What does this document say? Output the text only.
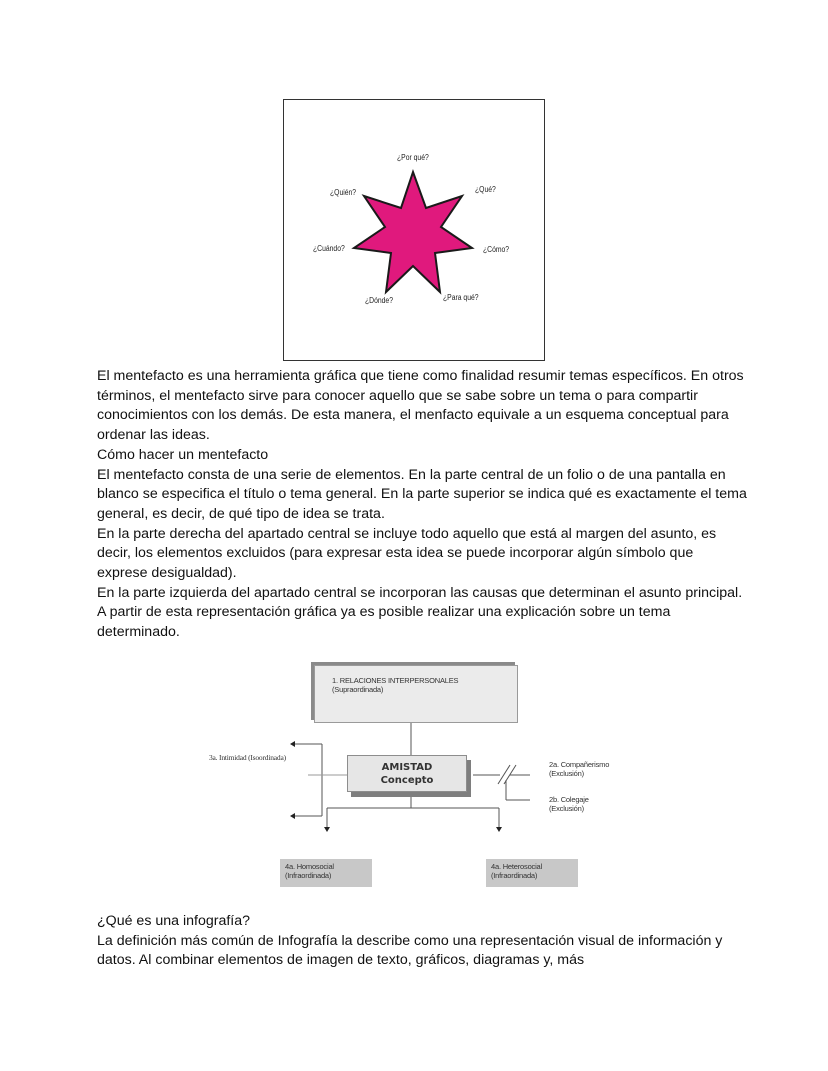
¿Por qué?
¿Qué?
¿Cómo?
¿Para qué?
¿Dónde?
¿Cuándo?
¿Quién?

El mentefacto es una herramienta gráfica que tiene como finalidad resumir temas específicos. En otros términos, el mentefacto sirve para conocer aquello que se sabe sobre un tema o para compartir conocimientos con los demás. De esta manera, el menfacto equivale a un esquema conceptual para ordenar las ideas.

Cómo hacer un mentefacto

El mentefacto consta de una serie de elementos. En la parte central de un folio o de una pantalla en blanco se especifica el título o tema general. En la parte superior se indica qué es exactamente el tema general, es decir, de qué tipo de idea se trata.

En la parte derecha del apartado central se incluye todo aquello que está al margen del asunto, es decir, los elementos excluidos (para expresar esta idea se puede incorporar algún símbolo que exprese desigualdad).

En la parte izquierda del apartado central se incorporan las causas que determinan el asunto principal. A partir de esta representación gráfica ya es posible realizar una explicación sobre un tema determinado.

1. RELACIONES INTERPERSONALES
(Supraordinada)
AMISTAD
Concepto
3a. Intimidad (Isoordinada)
2a. Compañerismo
(Exclusión)
2b. Colegaje
(Exclusión)
4a. Homosocial
(Infraordinada)
4a. Heterosocial
(Infraordinada)

¿Qué es una infografía?

La definición más común de Infografía la describe como una representación visual de información y datos. Al combinar elementos de imagen de texto, gráficos, diagramas y, más
